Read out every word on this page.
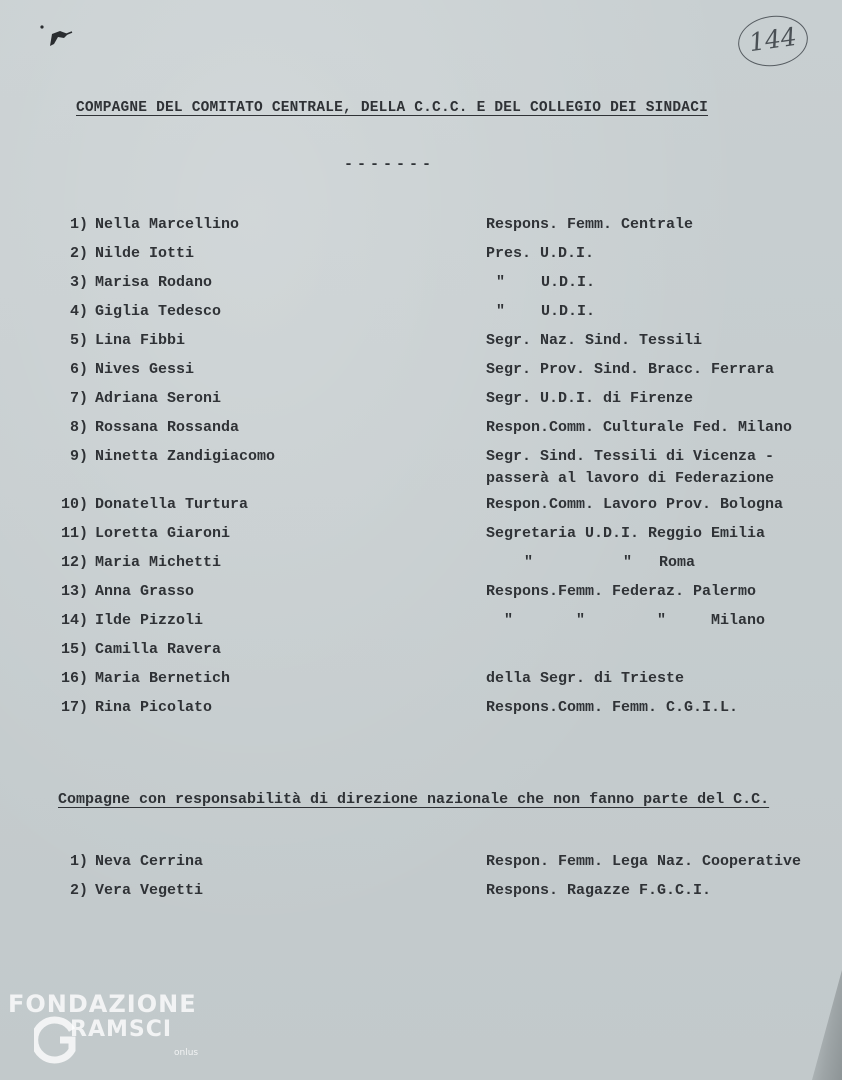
144
COMPAGNE DEL COMITATO CENTRALE, DELLA C.C.C. E DEL COLLEGIO DEI SINDACI
-------
1) Nella Marcellino	Respons. Femm. Centrale
2) Nilde Iotti	Pres. U.D.I.
3) Marisa Rodano	"    U.D.I.
4) Giglia Tedesco	"    U.D.I.
5) Lina Fibbi	Segr. Naz. Sind. Tessili
6) Nives Gessi	Segr. Prov. Sind. Bracc. Ferrara
7) Adriana Seroni	Segr. U.D.I. di Firenze
8) Rossana Rossanda	Respon.Comm. Culturale Fed. Milano
9) Ninetta Zandigiacomo	Segr. Sind. Tessili di Vicenza -
passerà al lavoro di Federazione
10) Donatella Turtura	Respon.Comm. Lavoro Prov. Bologna
11) Loretta Giaroni	Segretaria U.D.I. Reggio Emilia
12) Maria Michetti	"          "   Roma
13) Anna Grasso	Respons.Femm. Federaz. Palermo
14) Ilde Pizzoli	"       "        "     Milano
15) Camilla Ravera
16) Maria Bernetich	della Segr. di Trieste
17) Rina Picolato	Respons.Comm. Femm. C.G.I.L.
Compagne con responsabilità di direzione nazionale che non fanno parte del C.C.
1) Neva Cerrina	Respon. Femm. Lega Naz. Cooperative
2) Vera Vegetti	Respons. Ragazze F.G.C.I.
FONDAZIONE
RAMSCI
onlus
